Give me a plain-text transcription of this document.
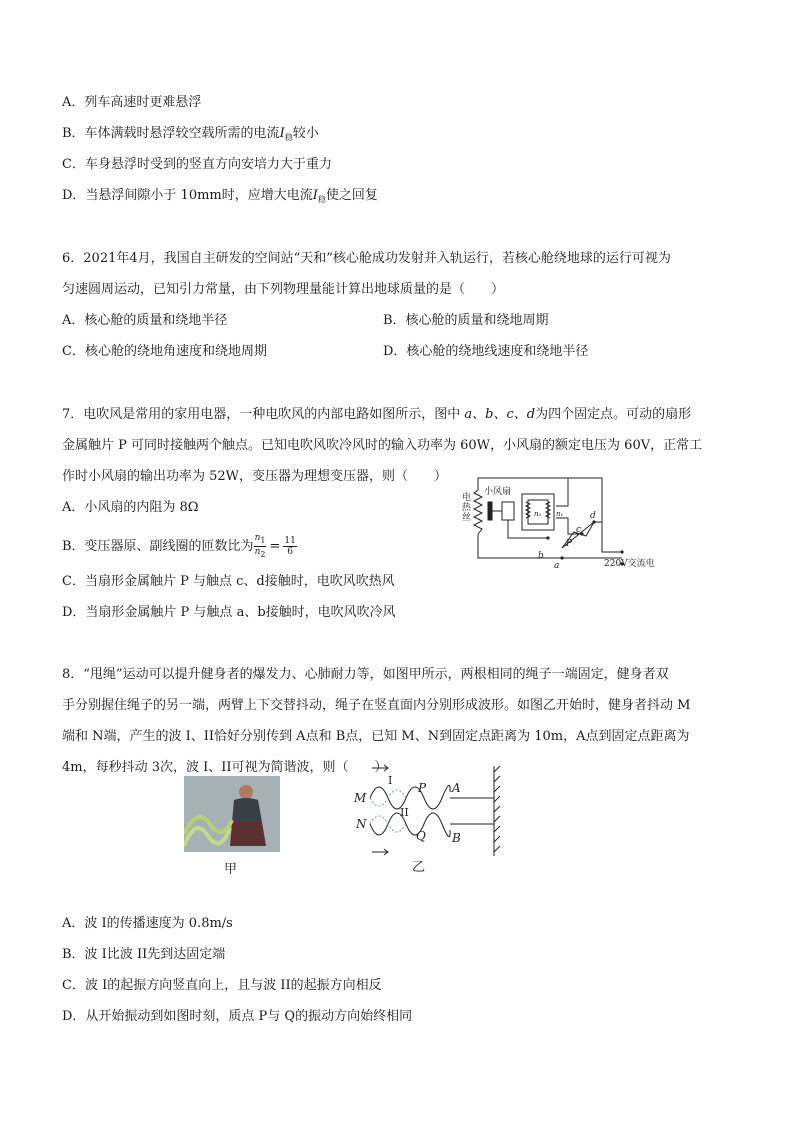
A．列车高速时更难悬浮
B．车体满载时悬浮较空载所需的电流$I_稳$较小
C．车身悬浮时受到的竖直方向安培力大于重力
D．当悬浮间隙小于 10mm时，应增大电流$I_稳$使之回复
6．2021年4月，我国自主研发的空间站“天和”核心舱成功发射并入轨运行，若核心舱绕地球的运行可视为
匀速圆周运动，已知引力常量，由下列物理量能计算出地球质量的是（　　）
A．核心舱的质量和绕地半径	B．核心舱的质量和绕地周期
C．核心舱的绕地角速度和绕地周期	D．核心舱的绕地线速度和绕地半径
7．电吹风是常用的家用电器，一种电吹风的内部电路如图所示，图中 a、b、c、d为四个固定点。可动的扇形
金属触片 P 可同时接触两个触点。已知电吹风吹冷风时的输入功率为 60W，小风扇的额定电压为 60V，正常工
作时小风扇的输出功率为 52W，变压器为理想变压器，则（　　）
A．小风扇的内阻为 8Ω
B．变压器原、副线圈的匝数比为 $\frac{n1}{n2} = \frac{11}{6}$
C．当扇形金属触片 P 与触点 c、d接触时，电吹风吹热风
D．当扇形金属触片 P 与触点 a、b接触时，电吹风吹冷风
电
热
丝
小风扇
n₂ n₁
b
a
c
d
P
220V交流电
8．“甩绳”运动可以提升健身者的爆发力、心肺耐力等，如图甲所示，两根相同的绳子一端固定，健身者双
手分别握住绳子的另一端，两臂上下交替抖动，绳子在竖直面内分别形成波形。如图乙开始时，健身者抖动 M
端和 N端，产生的波 I、II恰好分别传到 A点和 B点，已知 M、N到固定点距离为 10m，A点到固定点距离为
4m，每秒抖动 3次，波 I、II可视为简谐波，则（　　）
甲
M
N
P
Q
A
B
I
II
乙
A．波 I的传播速度为 0.8m/s
B．波 I比波 II先到达固定端
C．波 I的起振方向竖直向上，且与波 II的起振方向相反
D．从开始振动到如图时刻，质点 P与 Q的振动方向始终相同
